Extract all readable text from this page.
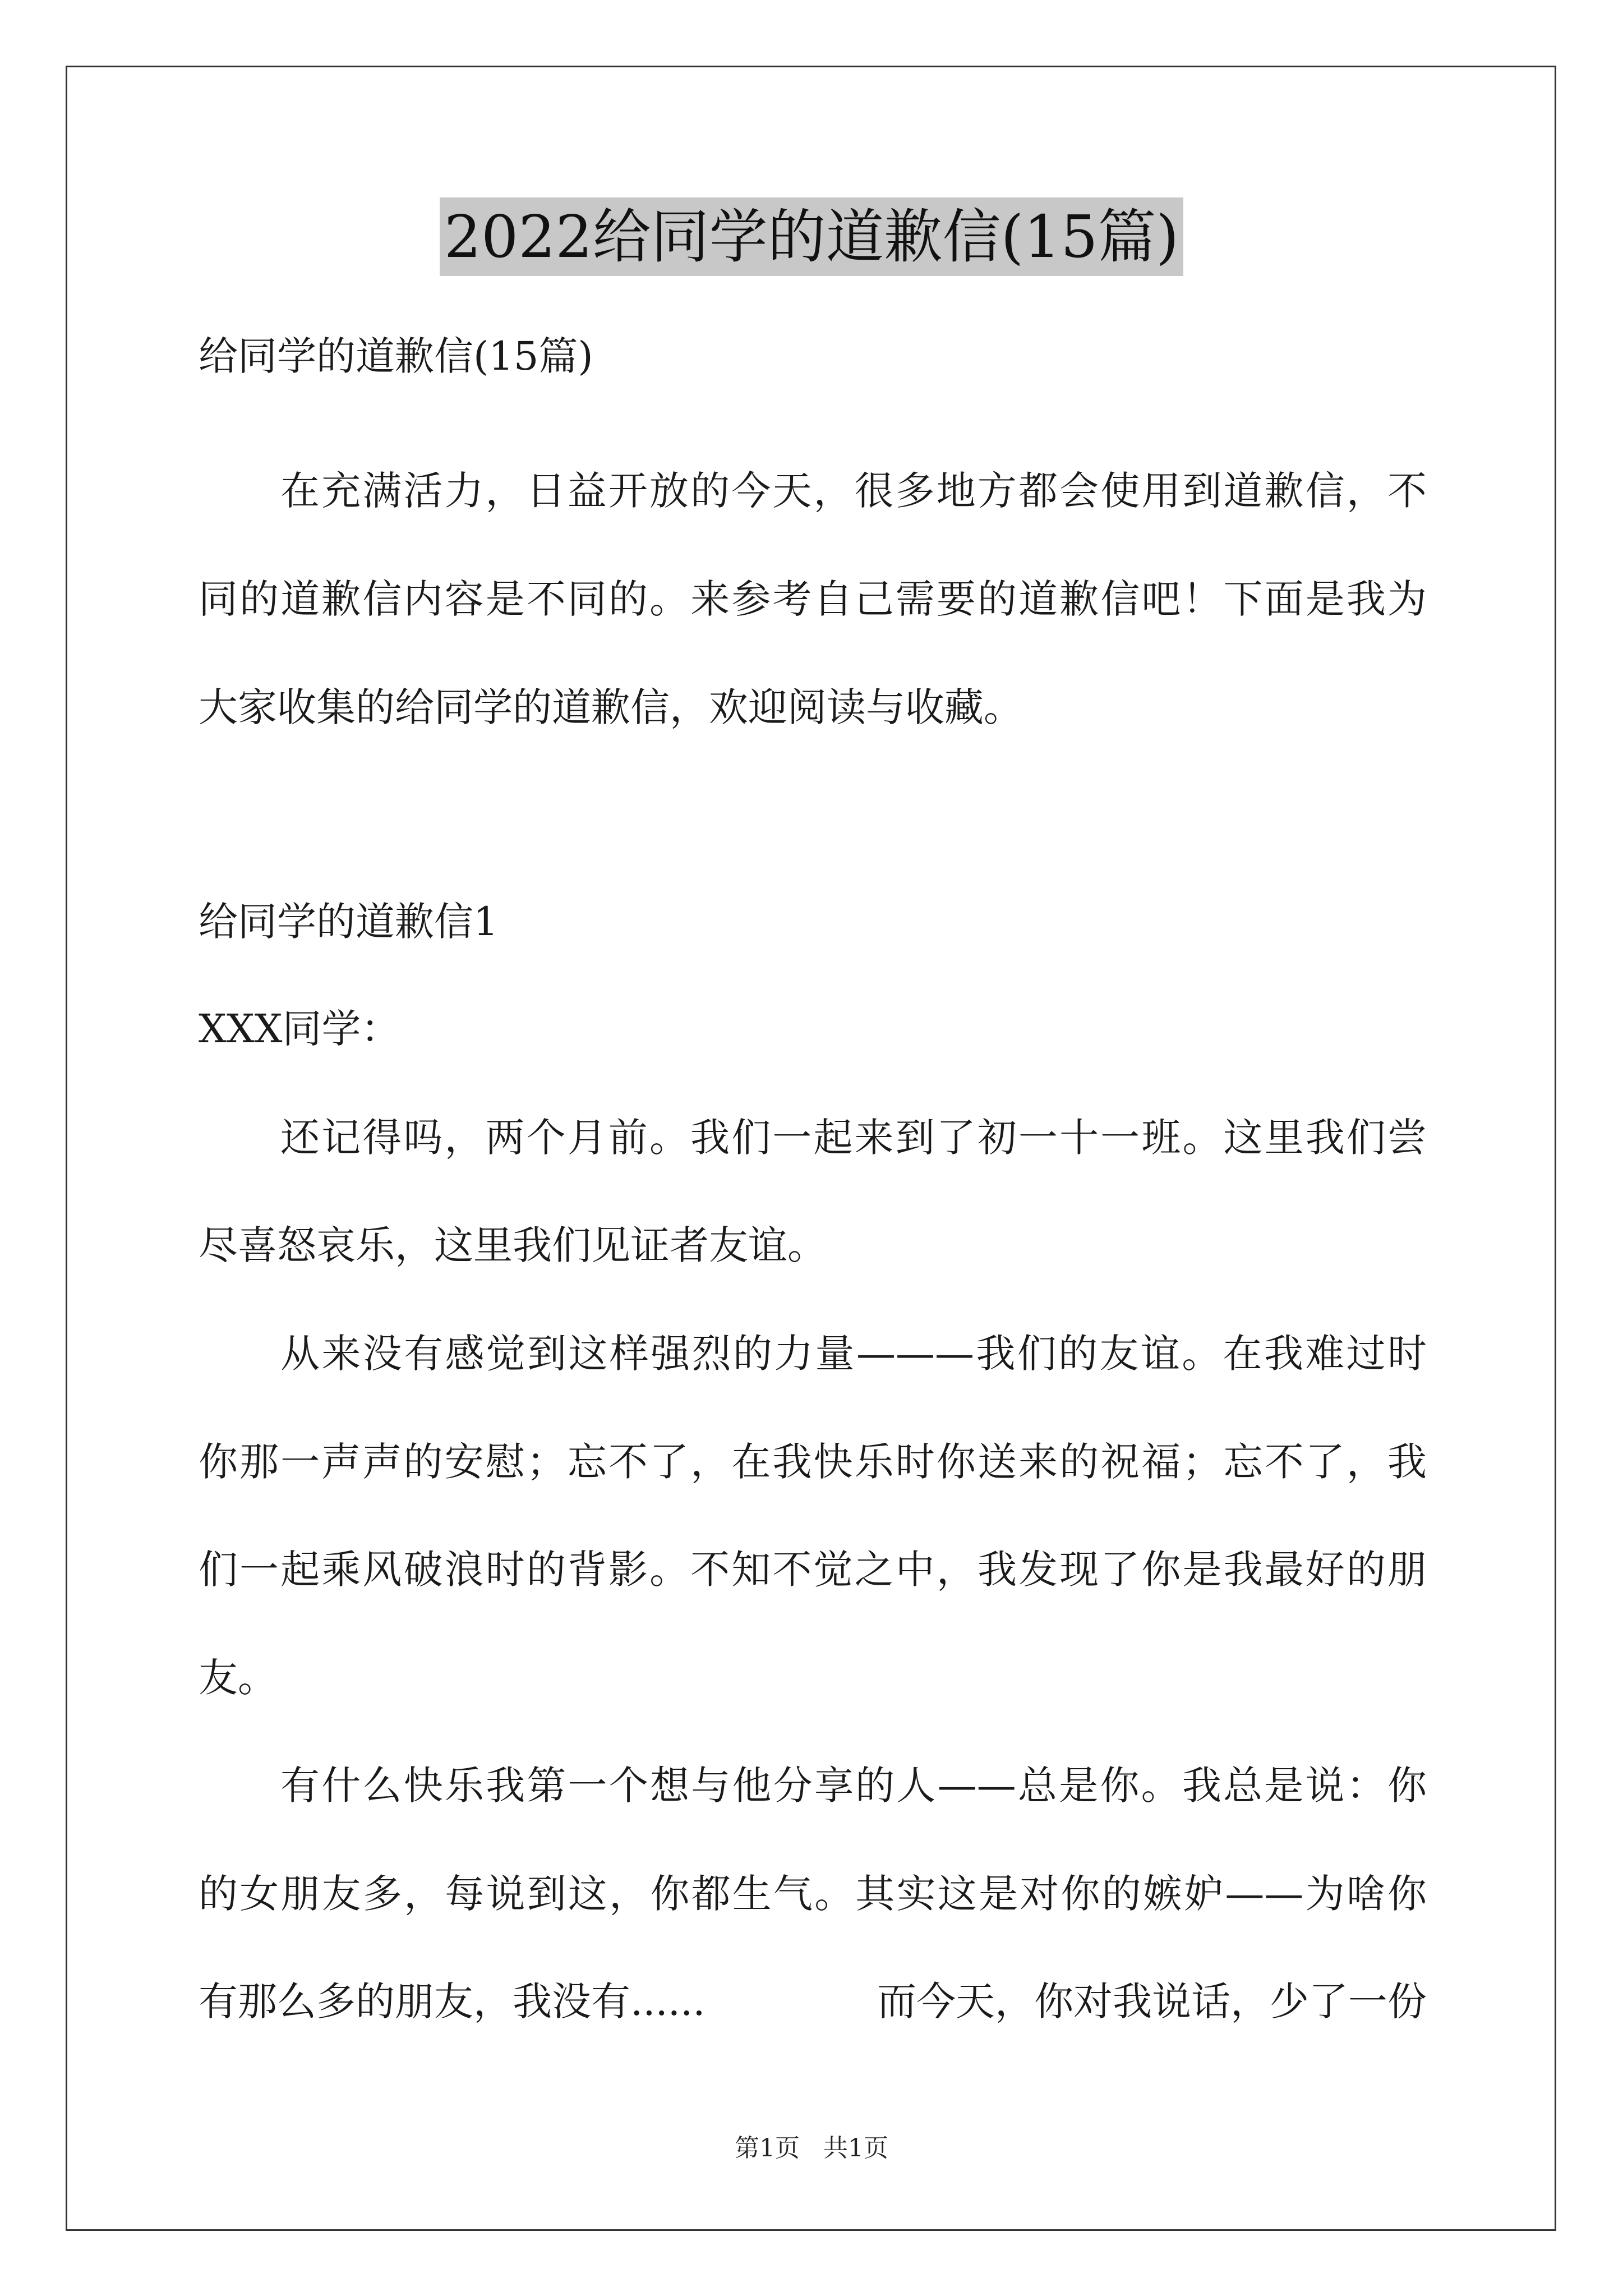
2022给同学的道歉信(15篇)
给同学的道歉信(15篇)
在充满活力，日益开放的今天，很多地方都会使用到道歉信，不
同的道歉信内容是不同的。来参考自己需要的道歉信吧！下面是我为
大家收集的给同学的道歉信，欢迎阅读与收藏。
给同学的道歉信1
XXX同学：
还记得吗，两个月前。我们一起来到了初一十一班。这里我们尝
尽喜怒哀乐，这里我们见证者友谊。
从来没有感觉到这样强烈的力量———我们的友谊。在我难过时
你那一声声的安慰；忘不了，在我快乐时你送来的祝福；忘不了，我
们一起乘风破浪时的背影。不知不觉之中，我发现了你是我最好的朋
友。
有什么快乐我第一个想与他分享的人——总是你。我总是说：你
的女朋友多，每说到这，你都生气。其实这是对你的嫉妒——为啥你
有那么多的朋友，我没有......	而今天，你对我说话，少了一份
第1页 共1页
